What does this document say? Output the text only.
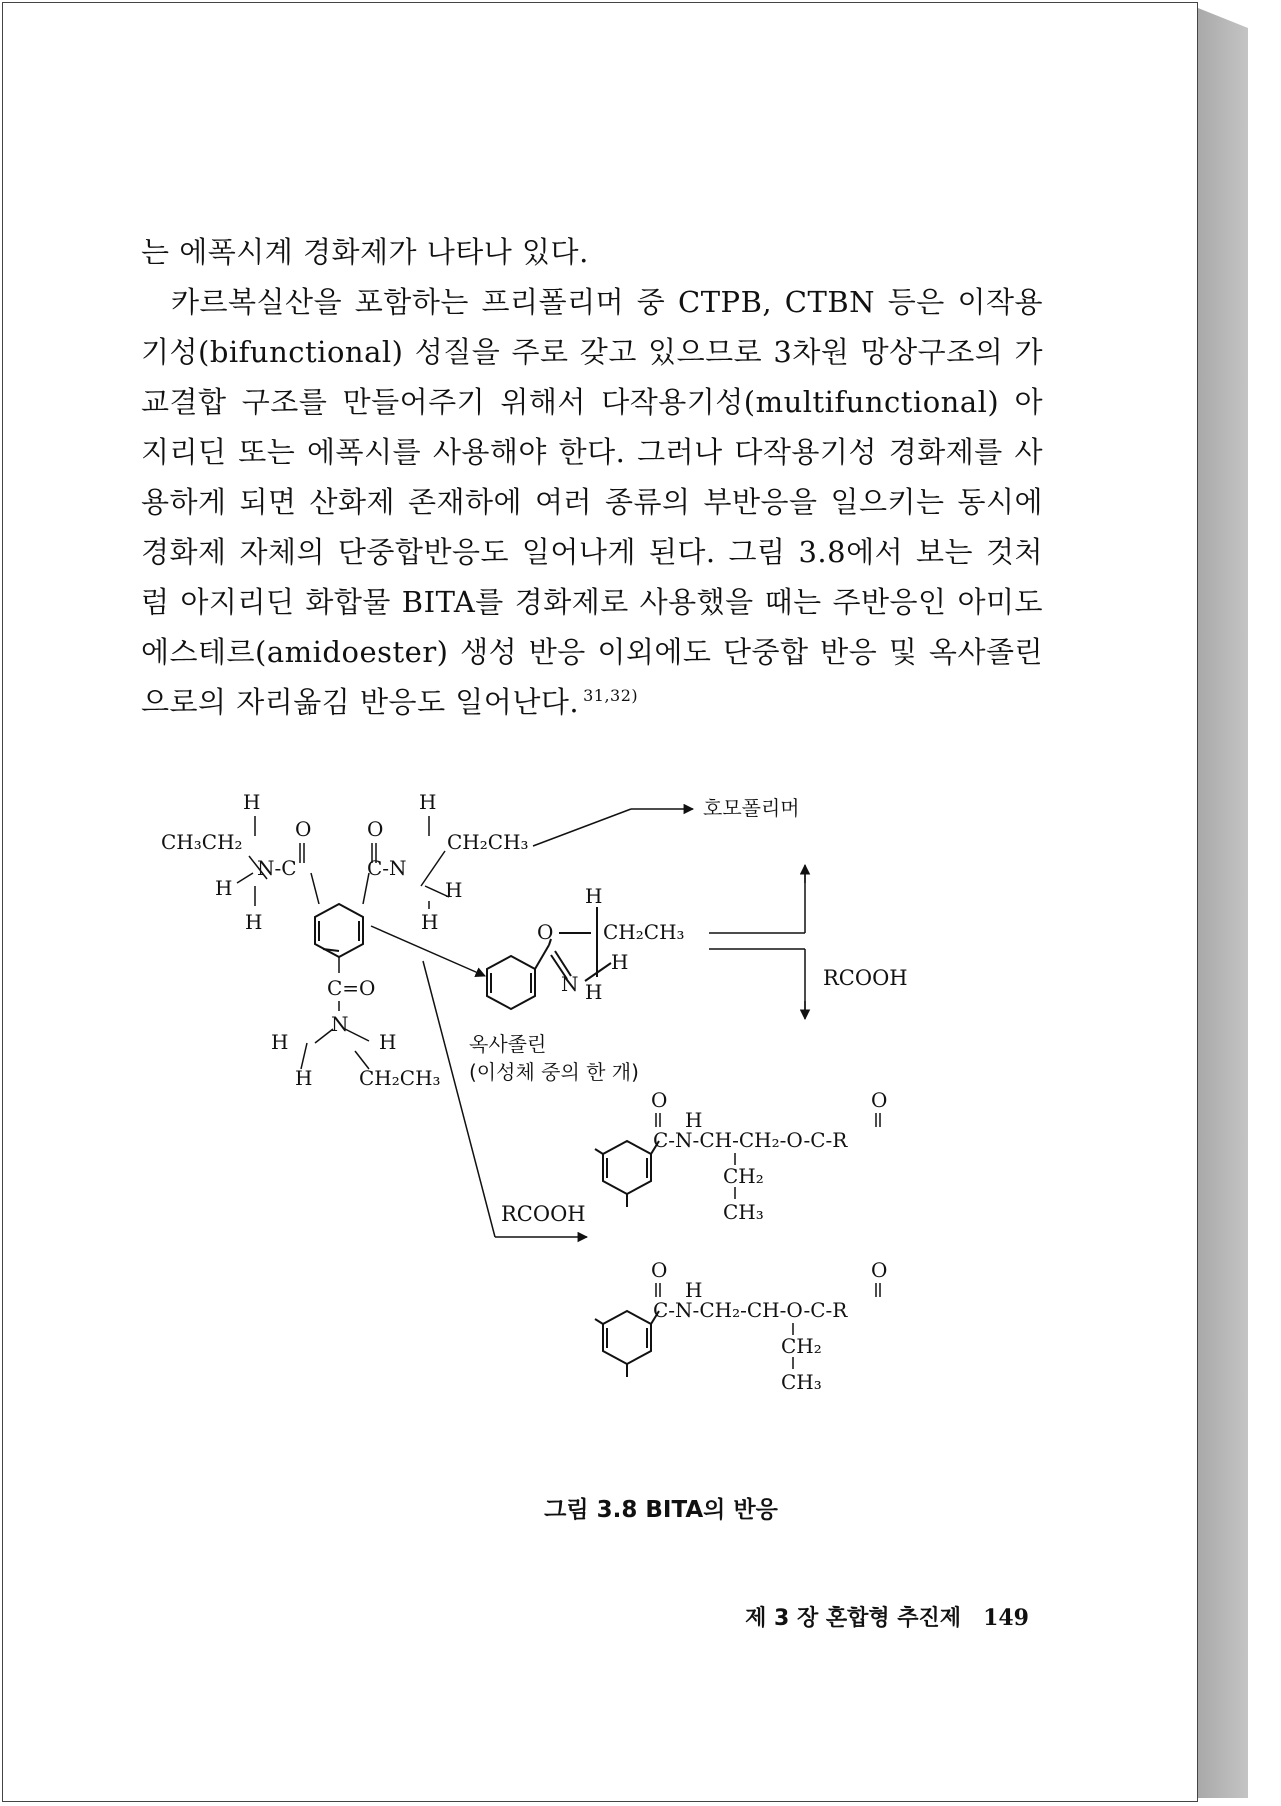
는 에폭시계 경화제가 나타나 있다.

카르복실산을 포함하는 프리폴리머 중 CTPB, CTBN 등은 이작용기성(bifunctional) 성질을 주로 갖고 있으므로 3차원 망상구조의 가교결합 구조를 만들어주기 위해서 다작용기성(multifunctional) 아지리딘 또는 에폭시를 사용해야 한다. 그러나 다작용기성 경화제를 사용하게 되면 산화제 존재하에 여러 종류의 부반응을 일으키는 동시에 경화제 자체의 단중합반응도 일어나게 된다. 그림 3.8에서 보는 것처럼 아지리딘 화합물 BITA를 경화제로 사용했을 때는 주반응인 아미도에스테르(amidoester) 생성 반응 이외에도 단중합 반응 및 옥사졸린으로의 자리옮김 반응도 일어난다. $^{31,32)}$

O
H
CH₃CH₂
N-C
H
H
O
H
CH₂CH₃
C-N
H
H
C=O
N
H	H
H CH₂CH₃
호모폴리머
O
H
CH₂CH₃
N
H
H
옥사졸린
(이성체 중의 한 개)
RCOOH
RCOOH
O
H
O
C-N-CH-CH₂-O-C-R
CH₂
CH₃
O
H
O
C-N-CH₂-CH-O-C-R
CH₂
CH₃
그림 3.8 BITA의 반응
제 3 장 혼합형 추진제 149
